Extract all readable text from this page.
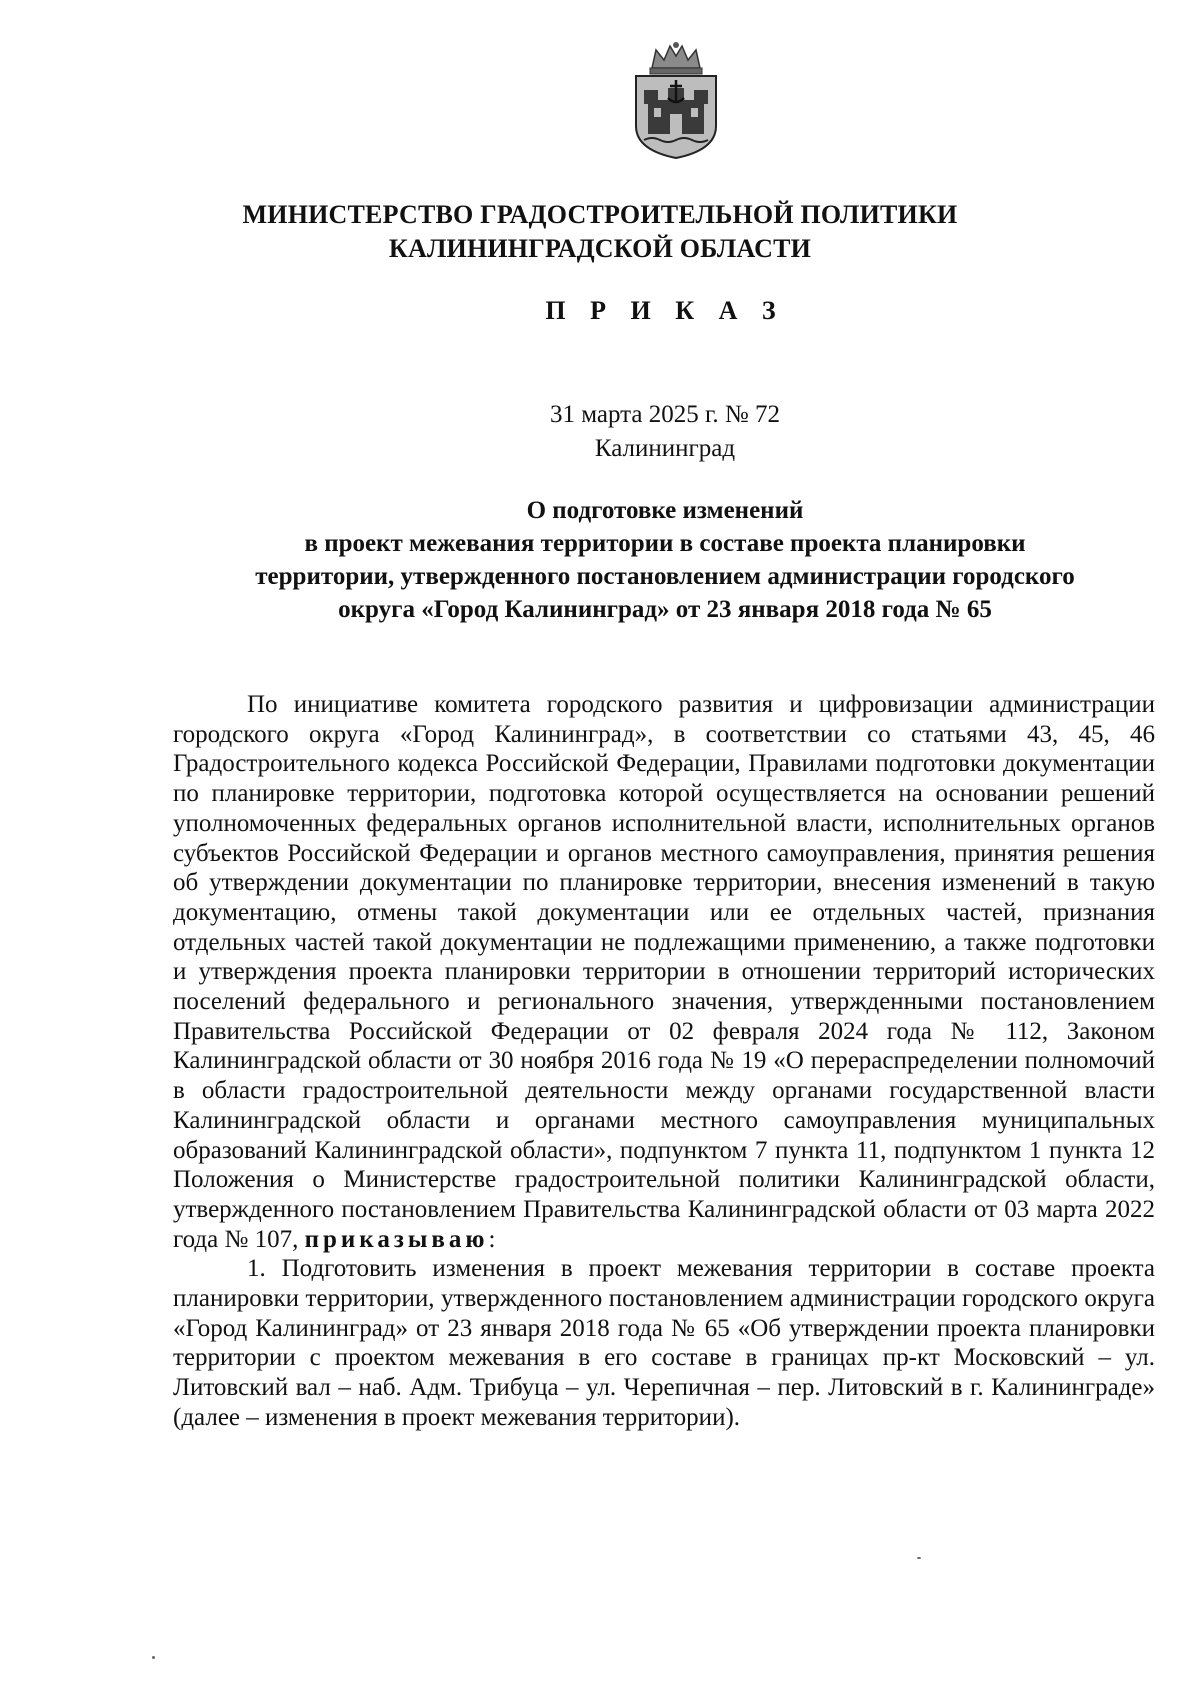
МИНИСТЕРСТВО ГРАДОСТРОИТЕЛЬНОЙ ПОЛИТИКИ
КАЛИНИНГРАДСКОЙ ОБЛАСТИ
П Р И К А З
31 марта 2025 г. № 72
Калининград
О подготовке изменений
в проект межевания территории в составе проекта планировки
территории, утвержденного постановлением администрации городского
округа «Город Калининград» от 23 января 2018 года № 65

По инициативе комитета городского развития и цифровизации администрации городского округа «Город Калининград», в соответствии со статьями 43, 45, 46 Градостроительного кодекса Российской Федерации, Правилами подготовки документации по планировке территории, подготовка которой осуществляется на основании решений уполномоченных федеральных органов исполнительной власти, исполнительных органов субъектов Российской Федерации и органов местного самоуправления, принятия решения об утверждении документации по планировке территории, внесения изменений в такую документацию, отмены такой документации или ее отдельных частей, признания отдельных частей такой документации не подлежащими применению, а также подготовки и утверждения проекта планировки территории в отношении территорий исторических поселений федерального и регионального значения, утвержденными постановлением Правительства Российской Федерации от 02 февраля 2024 года № 112, Законом Калининградской области от 30 ноября 2016 года № 19 «О перераспределении полномочий в области градостроительной деятельности между органами государственной власти Калининградской области и органами местного самоуправления муниципальных образований Калининградской области», подпунктом 7 пункта 11, подпунктом 1 пункта 12 Положения о Министерстве градостроительной политики Калининградской области, утвержденного постановлением Правительства Калининградской области от 03 марта 2022 года № 107, приказываю:

1. Подготовить изменения в проект межевания территории в составе проекта планировки территории, утвержденного постановлением администрации городского округа «Город Калининград» от 23 января 2018 года № 65 «Об утверждении проекта планировки территории с проектом межевания в его составе в границах пр-кт Московский – ул. Литовский вал – наб. Адм. Трибуца – ул. Черепичная – пер. Литовский в г. Калининграде» (далее – изменения в проект межевания территории).
